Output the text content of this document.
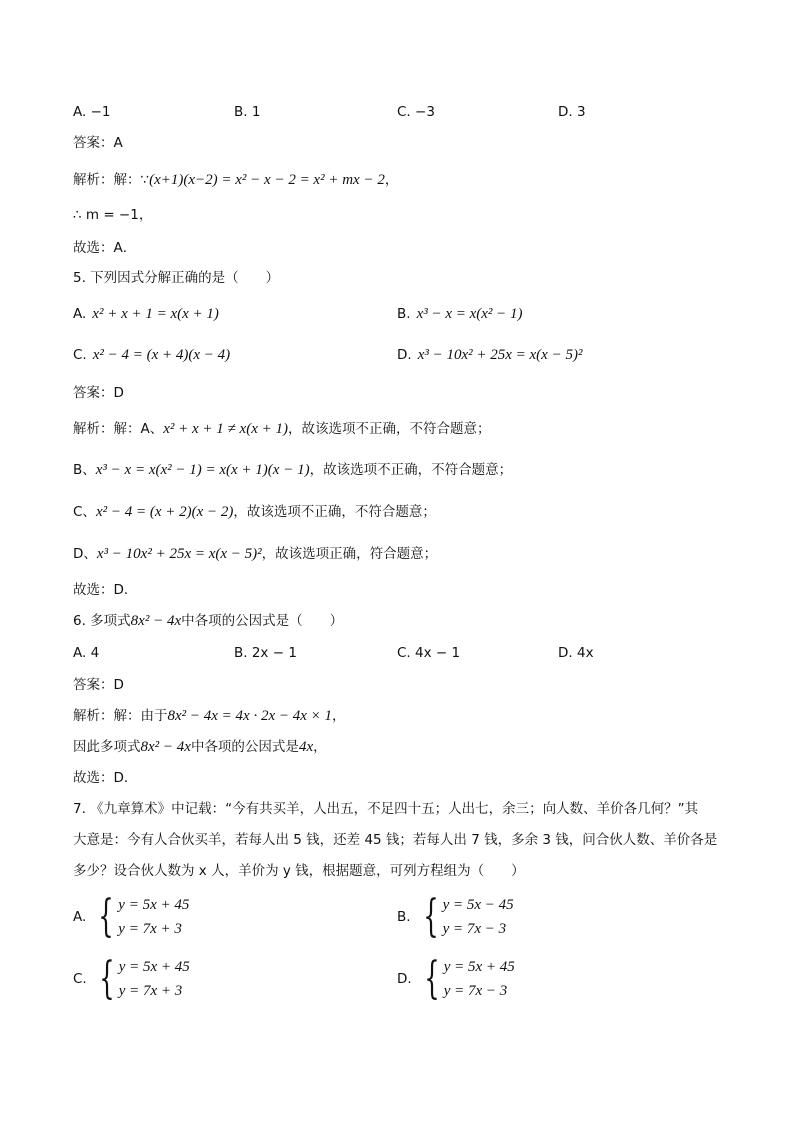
A. −1	B. 1	C. −3	D. 3
答案：A
解析：解：∵(x+1)(x−2) = x² − x − 2 = x² + mx − 2，
∴ m = −1，
故选：A．
5. 下列因式分解正确的是（　　）
A. x² + x + 1 = x(x + 1)	B. x³ − x = x(x² − 1)
C. x² − 4 = (x + 4)(x − 4)	D. x³ − 10x² + 25x = x(x − 5)²
答案：D
解析：解：A、x² + x + 1 ≠ x(x + 1)，故该选项不正确，不符合题意；
B、x³ − x = x(x² − 1) = x(x + 1)(x − 1)，故该选项不正确，不符合题意；
C、x² − 4 = (x + 2)(x − 2)，故该选项不正确，不符合题意；
D、x³ − 10x² + 25x = x(x − 5)²，故该选项正确，符合题意；
故选：D．
6. 多项式8x² − 4x中各项的公因式是（　　）
A. 4	B. 2x − 1	C. 4x − 1	D. 4x
答案：D
解析：解：由于8x² − 4x = 4x · 2x − 4x × 1，
因此多项式8x² − 4x中各项的公因式是4x，
故选：D．
7. 《九章算术》中记载：“今有共买羊，人出五，不足四十五；人出七，余三；向人数、羊价各几何？”其
大意是：今有人合伙买羊，若每人出 5 钱，还差 45 钱；若每人出 7 钱，多余 3 钱，问合伙人数、羊价各是
多少？设合伙人数为 x 人，羊价为 y 钱，根据题意，可列方程组为（　　）
A. { y = 5x + 45
y = 7x + 3
B. { y = 5x − 45
y = 7x − 3
C. { y = 5x + 45
y = 7x + 3
D. { y = 5x + 45
y = 7x − 3
